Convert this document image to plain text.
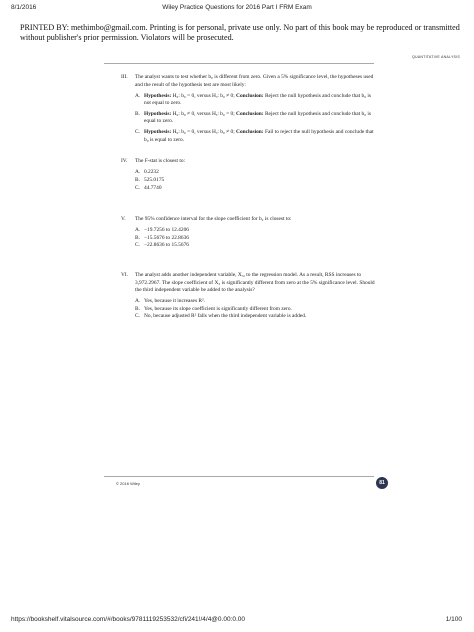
8/1/2016	Wiley Practice Questions for 2016 Part I FRM Exam
PRINTED BY: methimbo@gmail.com. Printing is for personal, private use only. No part of this book may be reproduced or transmitted without publisher's prior permission. Violators will be prosecuted.
QUANTITATIVE ANALYSIS
III. The analyst wants to test whether b₀ is different from zero. Given a 5% significance level, the hypotheses used and the result of the hypothesis test are most likely:
A. Hypothesis: H₀: b₀ = 0, versus Hₐ: b₀ ≠ 0; Conclusion: Reject the null hypothesis and conclude that b₀ is not equal to zero.
B. Hypothesis: H₀: b₀ ≠ 0, versus Hₐ: b₀ = 0; Conclusion: Reject the null hypothesis and conclude that b₀ is equal to zero.
C. Hypothesis: H₀: b₀ = 0, versus Hₐ: b₀ ≠ 0; Conclusion: Fail to reject the null hypothesis and conclude that b₀ is equal to zero.
IV. The F-stat is closest to:
A. 0.2232
B. 525.0175
C. 44.7740
V. The 95% confidence interval for the slope coefficient for b₂ is closest to:
A. −19.7256 to 12.4206
B. −15.5676 to 22.8636
C. −22.8636 to 15.5676
VI. The analyst adds another independent variable, X₃, to the regression model. As a result, RSS increases to 3,972.2967. The slope coefficient of X₃ is significantly different from zero at the 5% significance level. Should the third independent variable be added to the analysis?
A. Yes, because it increases R².
B. Yes, because its slope coefficient is significantly different from zero.
C. No, because adjusted R² falls when the third independent variable is added.
© 2016 Wiley	81
https://bookshelf.vitalsource.com/#/books/9781119253532/cfi/241!/4/4@0.00:0.00	1/100
